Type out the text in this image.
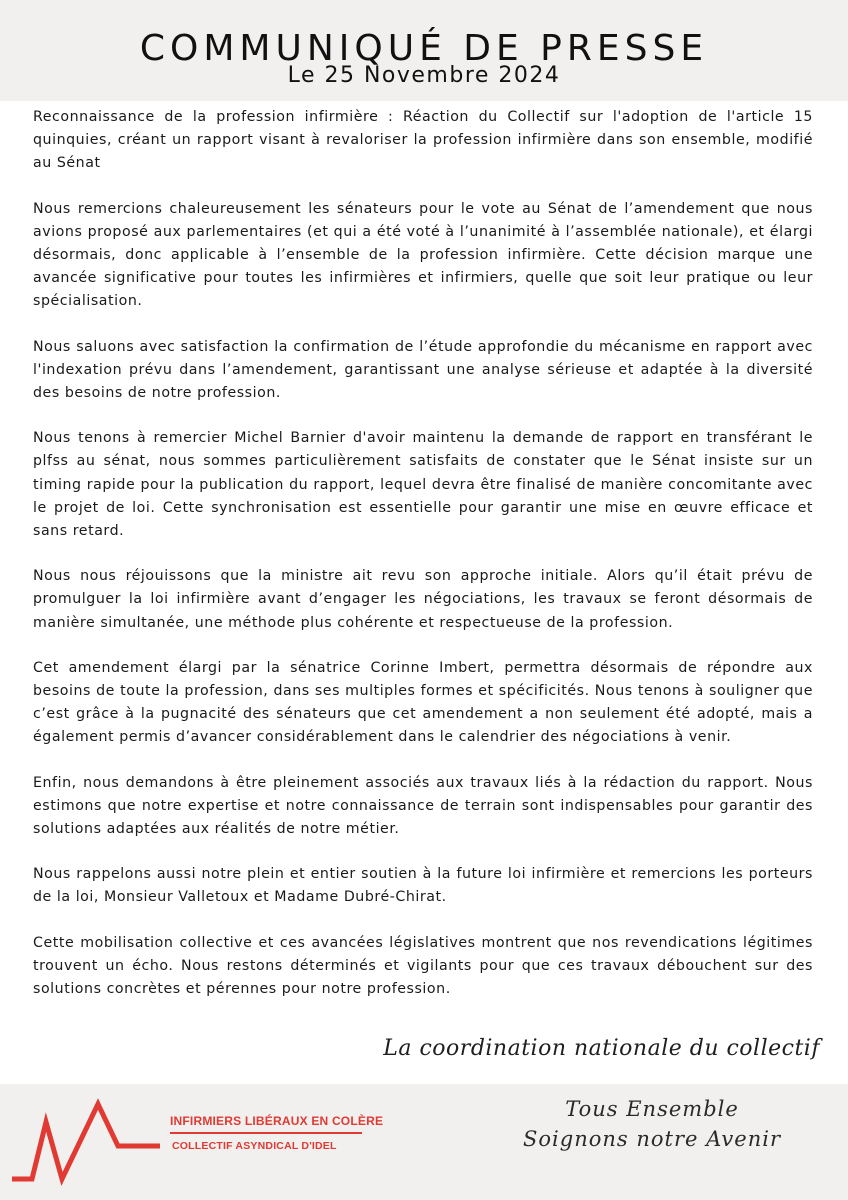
COMMUNIQUÉ DE PRESSE
Le 25 Novembre 2024

Reconnaissance de la profession infirmière : Réaction du Collectif sur l'adoption de l'article 15 quinquies, créant un rapport visant à revaloriser la profession infirmière dans son ensemble, modifié au Sénat

Nous remercions chaleureusement les sénateurs pour le vote au Sénat de l’amendement que nous avions proposé aux parlementaires (et qui a été voté à l’unanimité à l’assemblée nationale), et élargi désormais, donc applicable à l’ensemble de la profession infirmière. Cette décision marque une avancée significative pour toutes les infirmières et infirmiers, quelle que soit leur pratique ou leur spécialisation.

Nous saluons avec satisfaction la confirmation de l’étude approfondie du mécanisme en rapport avec l'indexation prévu dans l’amendement, garantissant une analyse sérieuse et adaptée à la diversité des besoins de notre profession.

Nous tenons à remercier Michel Barnier d'avoir maintenu la demande de rapport en transférant le plfss au sénat, nous sommes particulièrement satisfaits de constater que le Sénat insiste sur un timing rapide pour la publication du rapport, lequel devra être finalisé de manière concomitante avec le projet de loi. Cette synchronisation est essentielle pour garantir une mise en œuvre efficace et sans retard.

Nous nous réjouissons que la ministre ait revu son approche initiale. Alors qu’il était prévu de promulguer la loi infirmière avant d’engager les négociations, les travaux se feront désormais de manière simultanée, une méthode plus cohérente et respectueuse de la profession.

Cet amendement élargi par la sénatrice Corinne Imbert, permettra désormais de répondre aux besoins de toute la profession, dans ses multiples formes et spécificités. Nous tenons à souligner que c’est grâce à la pugnacité des sénateurs que cet amendement a non seulement été adopté, mais a également permis d’avancer considérablement dans le calendrier des négociations à venir.

Enfin, nous demandons à être pleinement associés aux travaux liés à la rédaction du rapport. Nous estimons que notre expertise et notre connaissance de terrain sont indispensables pour garantir des solutions adaptées aux réalités de notre métier.

Nous rappelons aussi notre plein et entier soutien à la future loi infirmière et remercions les porteurs de la loi, Monsieur Valletoux et Madame Dubré-Chirat.

Cette mobilisation collective et ces avancées législatives montrent que nos revendications légitimes trouvent un écho. Nous restons déterminés et vigilants pour que ces travaux débouchent sur des solutions concrètes et pérennes pour notre profession.

La coordination nationale du collectif
INFIRMIERS LIBÉRAUX EN COLÈRE
COLLECTIF ASYNDICAL D'IDEL
Tous Ensemble
Soignons notre Avenir
